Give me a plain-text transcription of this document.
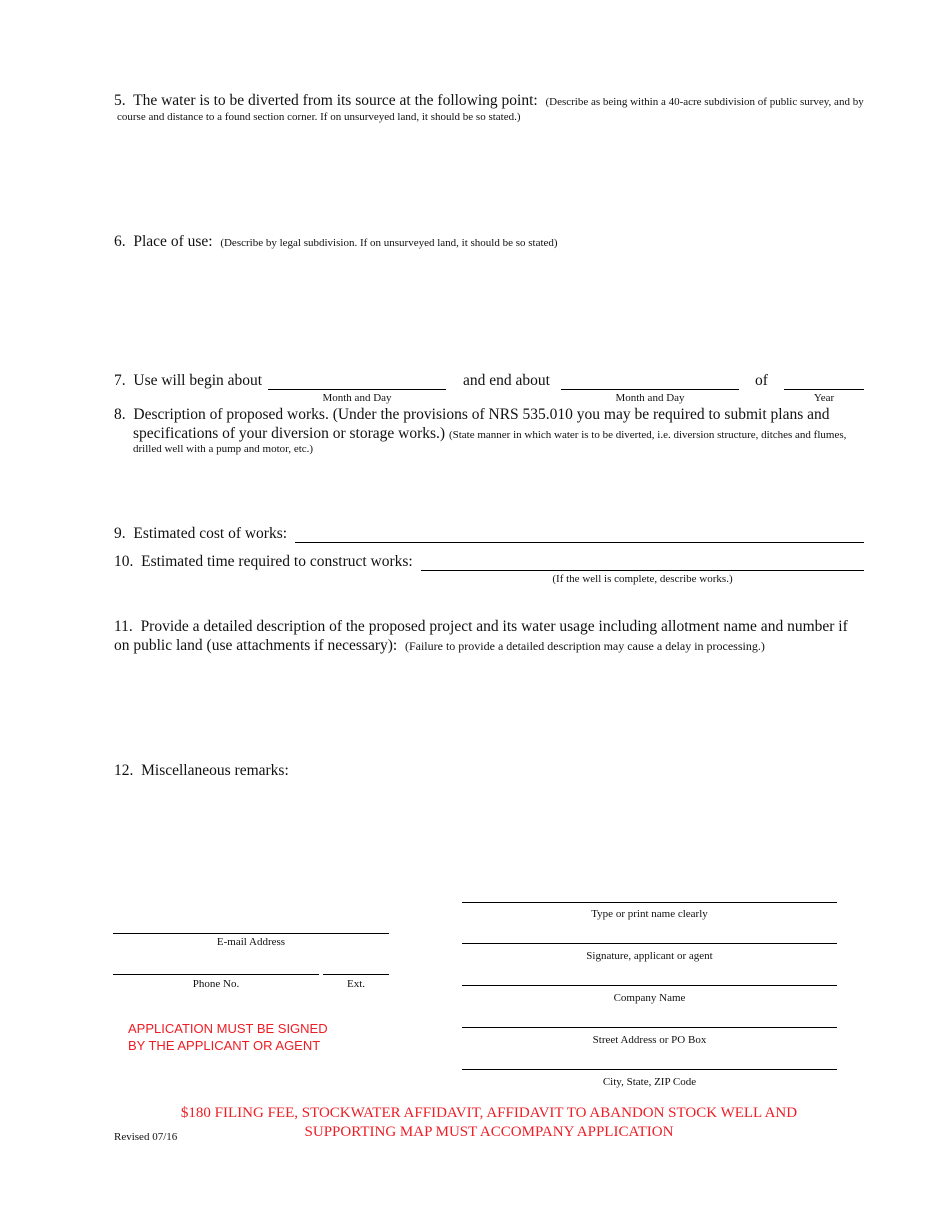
5. The water is to be diverted from its source at the following point: (Describe as being within a 40-acre subdivision of public survey, and by
course and distance to a found section corner. If on unsurveyed land, it should be so stated.)
6. Place of use: (Describe by legal subdivision. If on unsurveyed land, it should be so stated)
7. Use will begin about
Month and Day
and end about
Month and Day
of
Year
8. Description of proposed works. (Under the provisions of NRS 535.010 you may be required to submit plans and
specifications of your diversion or storage works.) (State manner in which water is to be diverted, i.e. diversion structure, ditches and flumes,
drilled well with a pump and motor, etc.)
9. Estimated cost of works:
10. Estimated time required to construct works:
(If the well is complete, describe works.)
11. Provide a detailed description of the proposed project and its water usage including allotment name and number if
on public land (use attachments if necessary): (Failure to provide a detailed description may cause a delay in processing.)
12. Miscellaneous remarks:
Type or print name clearly
Signature, applicant or agent
Company Name
Street Address or PO Box
City, State, ZIP Code
E-mail Address
Phone No.	Ext.
APPLICATION MUST BE SIGNED
BY THE APPLICANT OR AGENT
$180 FILING FEE, STOCKWATER AFFIDAVIT, AFFIDAVIT TO ABANDON STOCK WELL AND
SUPPORTING MAP MUST ACCOMPANY APPLICATION
Revised 07/16
